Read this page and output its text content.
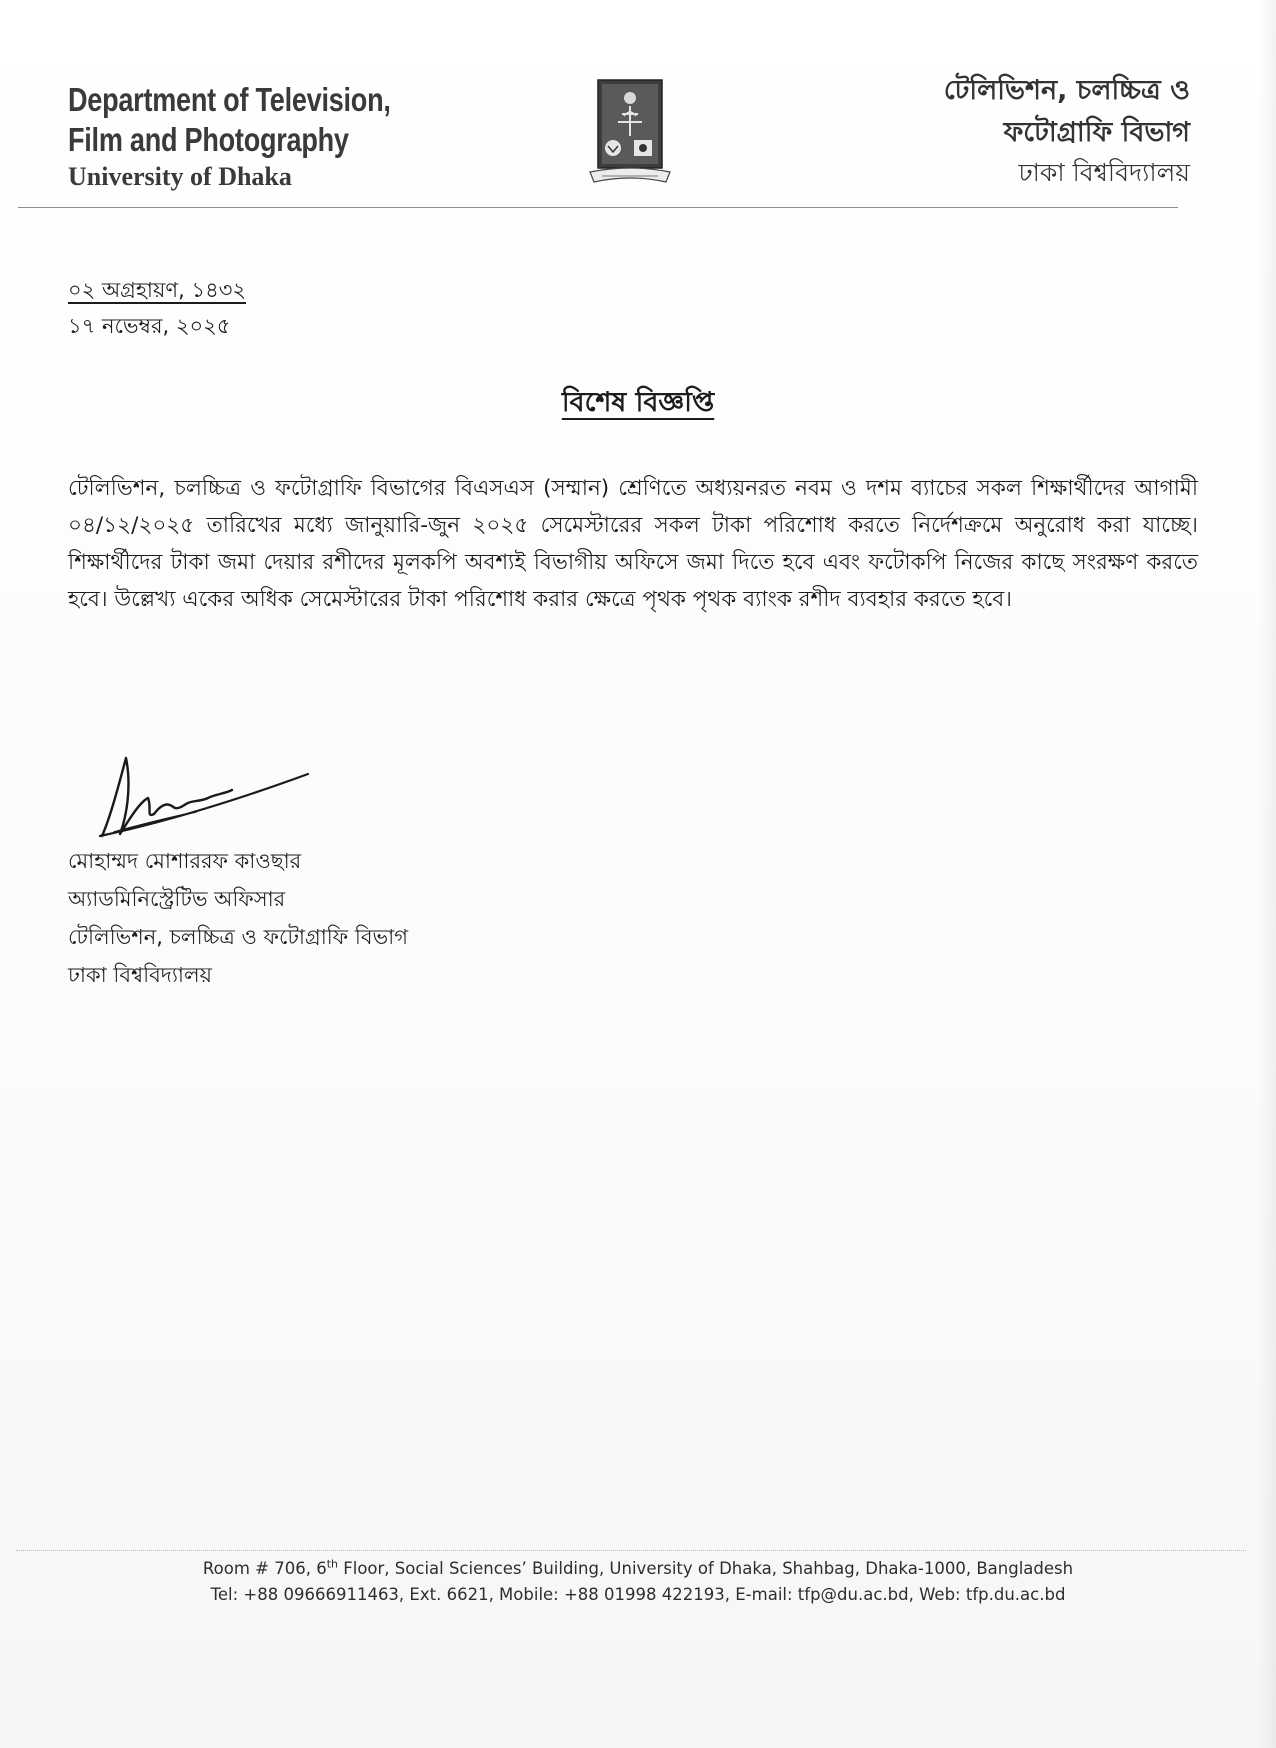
Department of Television,
Film and Photography
University of Dhaka
টেলিভিশন, চলচ্চিত্র ও
ফটোগ্রাফি বিভাগ
ঢাকা বিশ্ববিদ্যালয়
০২ অগ্রহায়ণ, ১৪৩২
১৭ নভেম্বর, ২০২৫
বিশেষ বিজ্ঞপ্তি
টেলিভিশন, চলচ্চিত্র ও ফটোগ্রাফি বিভাগের বিএসএস (সম্মান) শ্রেণিতে অধ্যয়নরত নবম ও দশম ব্যাচের সকল শিক্ষার্থীদের আগামী ০৪/১২/২০২৫ তারিখের মধ্যে জানুয়ারি-জুন ২০২৫ সেমেস্টারের সকল টাকা পরিশোধ করতে নির্দেশক্রমে অনুরোধ করা যাচ্ছে। শিক্ষার্থীদের টাকা জমা দেয়ার রশীদের মূলকপি অবশ্যই বিভাগীয় অফিসে জমা দিতে হবে এবং ফটোকপি নিজের কাছে সংরক্ষণ করতে হবে। উল্লেখ্য একের অধিক সেমেস্টারের টাকা পরিশোধ করার ক্ষেত্রে পৃথক পৃথক ব্যাংক রশীদ ব্যবহার করতে হবে।
মোহাম্মদ মোশাররফ কাওছার
অ্যাডমিনিস্ট্রেটিভ অফিসার
টেলিভিশন, চলচ্চিত্র ও ফটোগ্রাফি বিভাগ
ঢাকা বিশ্ববিদ্যালয়
Room # 706, 6th Floor, Social Sciences’ Building, University of Dhaka, Shahbag, Dhaka-1000, Bangladesh
Tel: +88 09666911463, Ext. 6621, Mobile: +88 01998 422193, E-mail: tfp@du.ac.bd, Web: tfp.du.ac.bd
